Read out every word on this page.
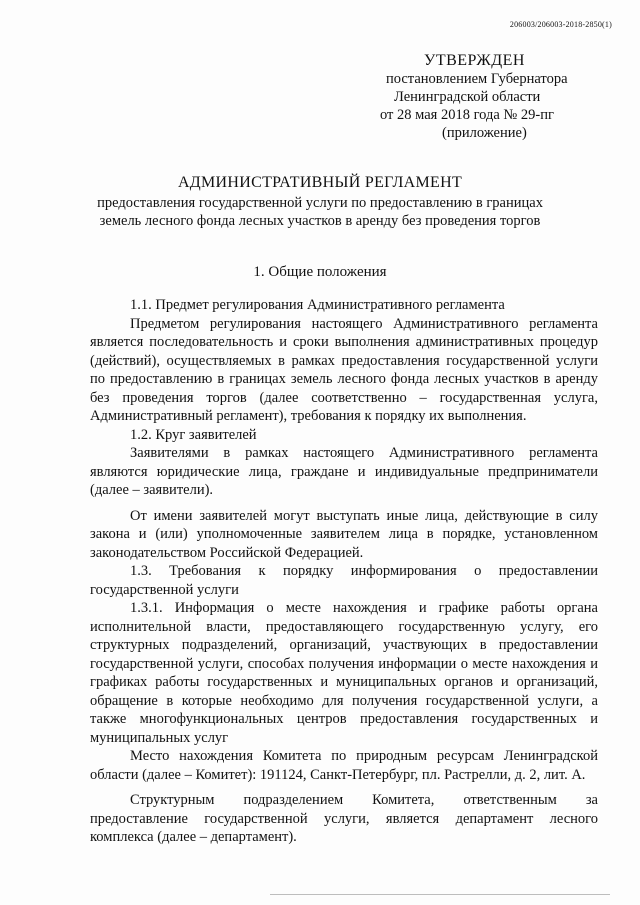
206003/206003-2018-2850(1)
УТВЕРЖДЕН
постановлением Губернатора
Ленинградской области
от 28 мая 2018 года № 29-пг
(приложение)
АДМИНИСТРАТИВНЫЙ РЕГЛАМЕНТ
предоставления государственной услуги по предоставлению в границах земель лесного фонда лесных участков в аренду без проведения торгов
1. Общие положения

1.1. Предмет регулирования Административного регламента

Предметом регулирования настоящего Административного регламента является последовательность и сроки выполнения административных процедур (действий), осуществляемых в рамках предоставления государственной услуги по предоставлению в границах земель лесного фонда лесных участков в аренду без проведения торгов (далее соответственно – государственная услуга, Административный регламент), требования к порядку их выполнения.

1.2. Круг заявителей

Заявителями в рамках настоящего Административного регламента являются юридические лица, граждане и индивидуальные предприниматели (далее – заявители).

От имени заявителей могут выступать иные лица, действующие в силу закона и (или) уполномоченные заявителем лица в порядке, установленном законодательством Российской Федерацией.

1.3. Требования к порядку информирования о предоставлении государственной услуги

1.3.1. Информация о месте нахождения и графике работы органа исполнительной власти, предоставляющего государственную услугу, его структурных подразделений, организаций, участвующих в предоставлении государственной услуги, способах получения информации о месте нахождения и графиках работы государственных и муниципальных органов и организаций, обращение в которые необходимо для получения государственной услуги, а также многофункциональных центров предоставления государственных и муниципальных услуг

Место нахождения Комитета по природным ресурсам Ленинградской области (далее – Комитет): 191124, Санкт-Петербург, пл. Растрелли, д. 2, лит. А.

Структурным подразделением Комитета, ответственным за предоставление государственной услуги, является департамент лесного комплекса (далее – департамент).
